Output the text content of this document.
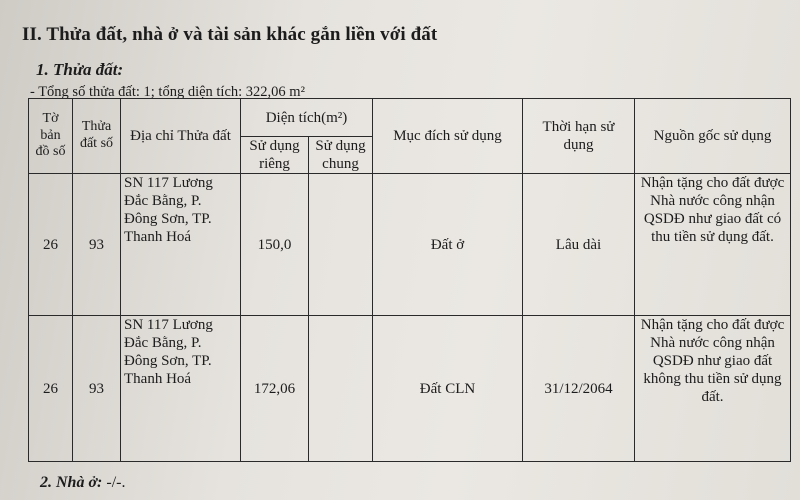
II. Thửa đất, nhà ở và tài sản khác gắn liền với đất
1. Thửa đất:
- Tổng số thửa đất: 1; tổng diện tích: 322,06 m²
Tờ bản đồ số	Thửa đất số	Địa chỉ Thửa đất	Diện tích(m²)		Mục đích sử dụng	Thời hạn sử dụng	Nguồn gốc sử dụng
			Sử dụng riêng	Sử dụng chung			
26	93	SN 117 Lương Đắc Bằng, P. Đông Sơn, TP. Thanh Hoá	150,0		Đất ở	Lâu dài	Nhận tặng cho đất được Nhà nước công nhận QSDĐ như giao đất có thu tiền sử dụng đất.
26	93	SN 117 Lương Đắc Bằng, P. Đông Sơn, TP. Thanh Hoá	172,06		Đất CLN	31/12/2064	Nhận tặng cho đất được Nhà nước công nhận QSDĐ như giao đất không thu tiền sử dụng đất.
2. Nhà ở: -/-.
